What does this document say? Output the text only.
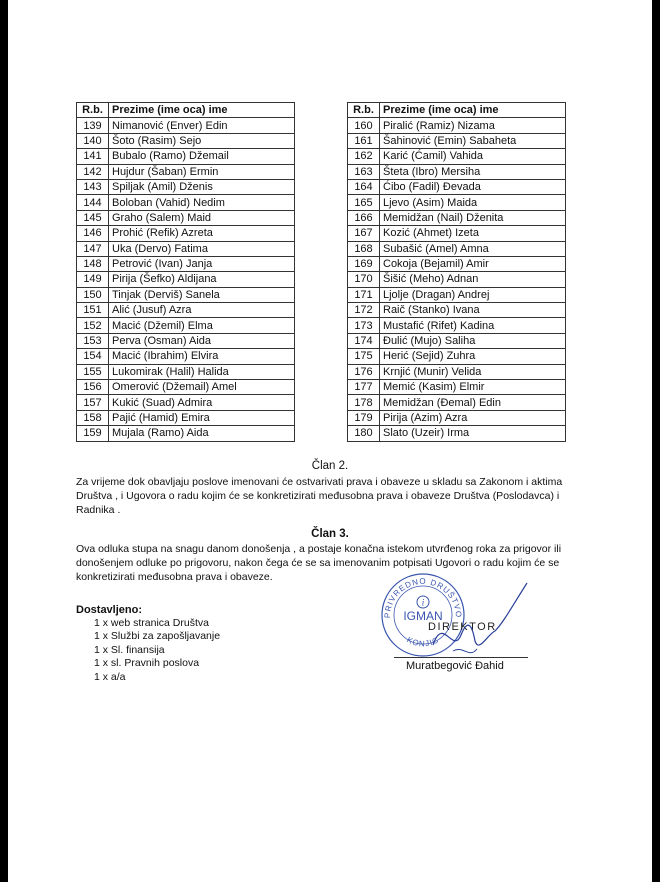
R.b.	Prezime (ime oca) ime
139	Nimanović (Enver) Edin
140	Šoto (Rasim) Sejo
141	Bubalo (Ramo) Džemail
142	Hujdur (Šaban) Ermin
143	Spiljak (Amil) Dženis
144	Boloban (Vahid) Nedim
145	Graho (Salem) Maid
146	Prohić (Refik) Azreta
147	Uka (Dervo) Fatima
148	Petrović (Ivan) Janja
149	Pirija (Šefko) Aldijana
150	Tinjak (Derviš) Sanela
151	Alić (Jusuf) Azra
152	Macić (Džemil) Elma
153	Perva (Osman) Aida
154	Macić (Ibrahim) Elvira
155	Lukomirak (Halil) Halida
156	Omerović (Džemail) Amel
157	Kukić (Suad) Admira
158	Pajić (Hamid) Emira
159	Mujala (Ramo) Aida
R.b.	Prezime (ime oca) ime
160	Piralić (Ramiz) Nizama
161	Šahinović (Emin) Sabaheta
162	Karić (Ćamil) Vahida
163	Šteta (Ibro) Mersiha
164	Ćibo (Fadil) Đevada
165	Ljevo (Asim) Maida
166	Memidžan (Nail) Dženita
167	Kozić (Ahmet) Izeta
168	Subašić (Amel) Amna
169	Cokoja (Bejamil) Amir
170	Šišić (Meho) Adnan
171	Ljolje (Dragan) Andrej
172	Raič (Stanko) Ivana
173	Mustafić (Rifet) Kadina
174	Đulić (Mujo) Saliha
175	Herić (Sejid) Zuhra
176	Krnjić (Munir) Velida
177	Memić (Kasim) Elmir
178	Memidžan (Đemal) Edin
179	Pirija (Azim) Azra
180	Slato (Uzeir) Irma
Član 2.
Za vrijeme dok obavljaju poslove imenovani će ostvarivati prava i obaveze u skladu sa Zakonom i aktima Društva , i Ugovora o radu kojim će se konkretizirati međusobna prava i obaveze Društva (Poslodavca) i Radnika .
Član 3.
Ova odluka stupa na snagu danom donošenja , a postaje konačna istekom utvrđenog roka za prigovor ili donošenjem odluke po prigovoru, nakon čega će se sa imenovanim potpisati Ugovori o radu kojim će se konkretizirati međusobna prava i obaveze.
Dostavljeno:
1 x web stranica Društva
1 x Službi za zapošljavanje
1 x Sl. finansija
1 x sl. Pravnih poslova
1 x a/a
PRIVREDNO DRUŠTVO
IGMAN
KONJIC
i
DIREKTOR
Muratbegović Đahid
